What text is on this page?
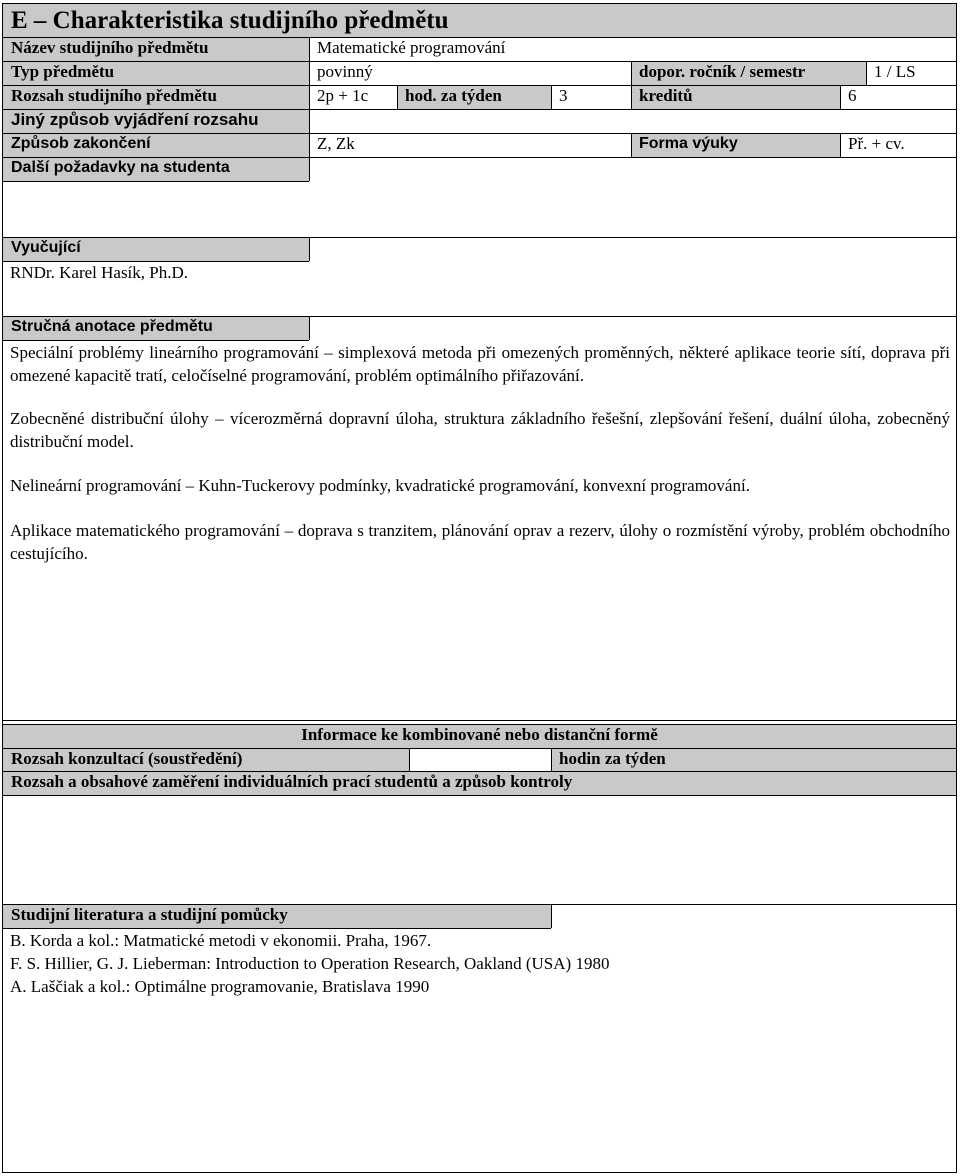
E – Charakteristika studijního předmětu
Název studijního předmětu	Matematické programování
Typ předmětu	povinný	dopor. ročník / semestr	1 / LS
Rozsah studijního předmětu	2p + 1c	hod. za týden	3	kreditů	6
Jiný způsob vyjádření rozsahu
Způsob zakončení	Z, Zk	Forma výuky	Př. + cv.
Další požadavky na studenta
Vyučující
RNDr. Karel Hasík, Ph.D.
Stručná anotace předmětu
Speciální problémy lineárního programování – simplexová metoda při omezených proměnných, některé aplikace teorie sítí, doprava při omezené kapacitě tratí, celočíselné programování, problém optimálního přiřazování.
Zobecněné distribuční úlohy – vícerozměrná dopravní úloha, struktura základního řešešní, zlepšování řešení, duální úloha, zobecněný distribuční model.
Nelineární programování – Kuhn-Tuckerovy podmínky, kvadratické programování, konvexní programování.
Aplikace matematického programování – doprava s tranzitem, plánování oprav a rezerv, úlohy o rozmístění výroby, problém obchodního cestujícího.
Informace ke kombinované nebo distanční formě
Rozsah konzultací (soustředění)	hodin za týden
Rozsah a obsahové zaměření individuálních prací studentů a způsob kontroly
Studijní literatura a studijní pomůcky
B. Korda a kol.: Matmatické metodi v ekonomii. Praha, 1967.
F. S. Hillier, G. J. Lieberman: Introduction to Operation Research, Oakland (USA) 1980
A. Laščiak a kol.: Optimálne programovanie, Bratislava 1990
